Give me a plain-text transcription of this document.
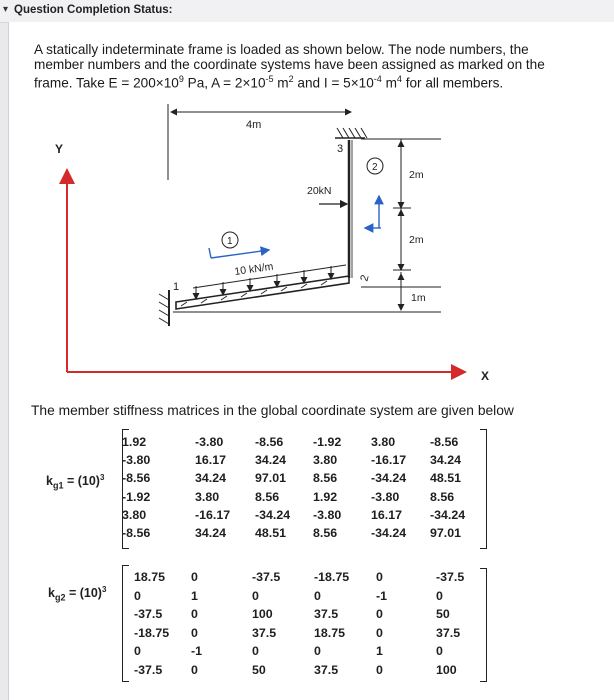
▾ Question Completion Status:
A statically indeterminate frame is loaded as shown below. The node numbers, the
member numbers and the coordinate systems have been assigned as marked on the
frame. Take $E = 200\times 10^9$ Pa, $A = 2\times 10^{-5}$ $m^2$ and $I = 5\times 10^{-4}$ $m^4$ for all members.
Y
X
4m
3
2
2
20kN
10 kN/m
1
1
2m
2m
1m
The member stiffness matrices in the global coordinate system are given below
$k_{g1} = (10)^3$
1.92	-3.80	-8.56 -1.92 3.80	-8.56
-3.80	16.17 34.24 3.80	-16.17 34.24
-8.56	34.24 97.01 8.56	-34.24 48.51
-1.92	3.80	8.56	1.92	-3.80 8.56
3.80	-16.17 -34.24 -3.80 16.17 -34.24
-8.56	34.24 48.51 8.56	-34.24 97.01
$k_{g2} = (10)^3$
18.75 0	-37.5	-18.75 0	-37.5
0	1	0	0	-1	0
-37.5 0	100	37.5	0	50
-18.75 0	37.5	18.75 0	37.5
0	-1	0	0	1	0
-37.5 0	50	37.5	0	100
